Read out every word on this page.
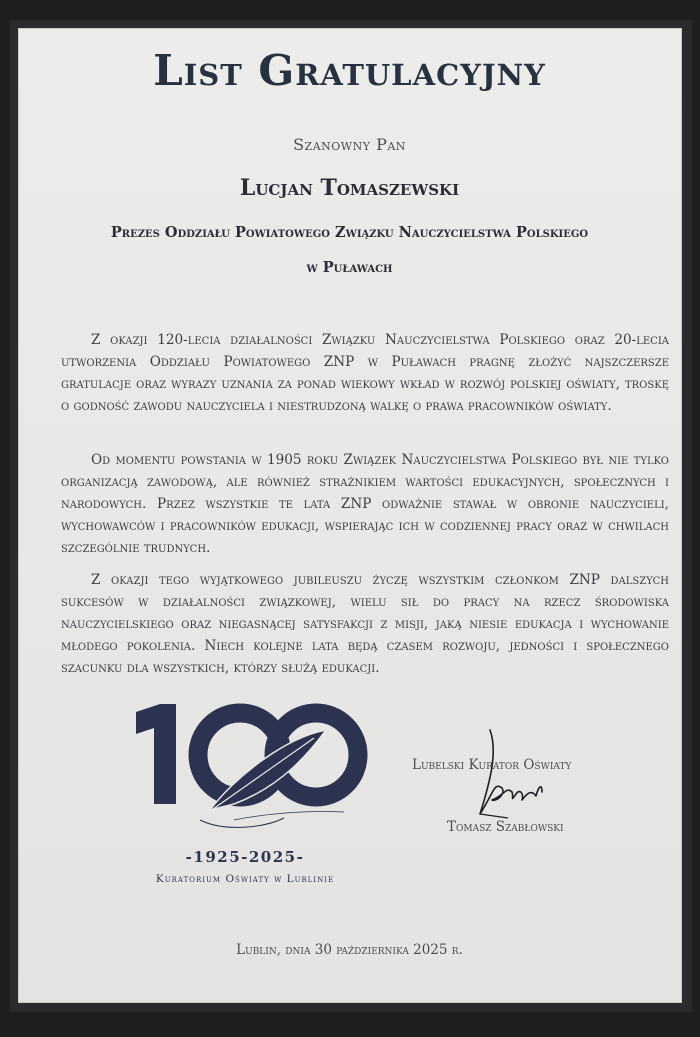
List Gratulacyjny
Szanowny Pan
Lucjan Tomaszewski
Prezes Oddziału Powiatowego Związku Nauczycielstwa Polskiego
w Puławach

Z okazji 120-lecia działalności Związku Nauczycielstwa Polskiego oraz 20-lecia utworzenia Oddziału Powiatowego ZNP w Puławach pragnę złożyć najszczersze gratulacje oraz wyrazy uznania za ponad wiekowy wkład w rozwój polskiej oświaty, troskę o godność zawodu nauczyciela i niestrudzoną walkę o prawa pracowników oświaty.

Od momentu powstania w 1905 roku Związek Nauczycielstwa Polskiego był nie tylko organizacją zawodową, ale również strażnikiem wartości edukacyjnych, społecznych i narodowych. Przez wszystkie te lata ZNP odważnie stawał w obronie nauczycieli, wychowawców i pracowników edukacji, wspierając ich w codziennej pracy oraz w chwilach szczególnie trudnych.

Z okazji tego wyjątkowego jubileuszu życzę wszystkim członkom ZNP dalszych sukcesów w działalności związkowej, wielu sił do pracy na rzecz środowiska nauczycielskiego oraz niegasnącej satysfakcji z misji, jaką niesie edukacja i wychowanie młodego pokolenia. Niech kolejne lata będą czasem rozwoju, jedności i społecznego szacunku dla wszystkich, którzy służą edukacji.

-1925-2025-
Kuratorium Oświaty w Lublinie
Lubelski Kurator Oświaty
Tomasz Szabłowski
Lublin, dnia 30 października 2025 r.
